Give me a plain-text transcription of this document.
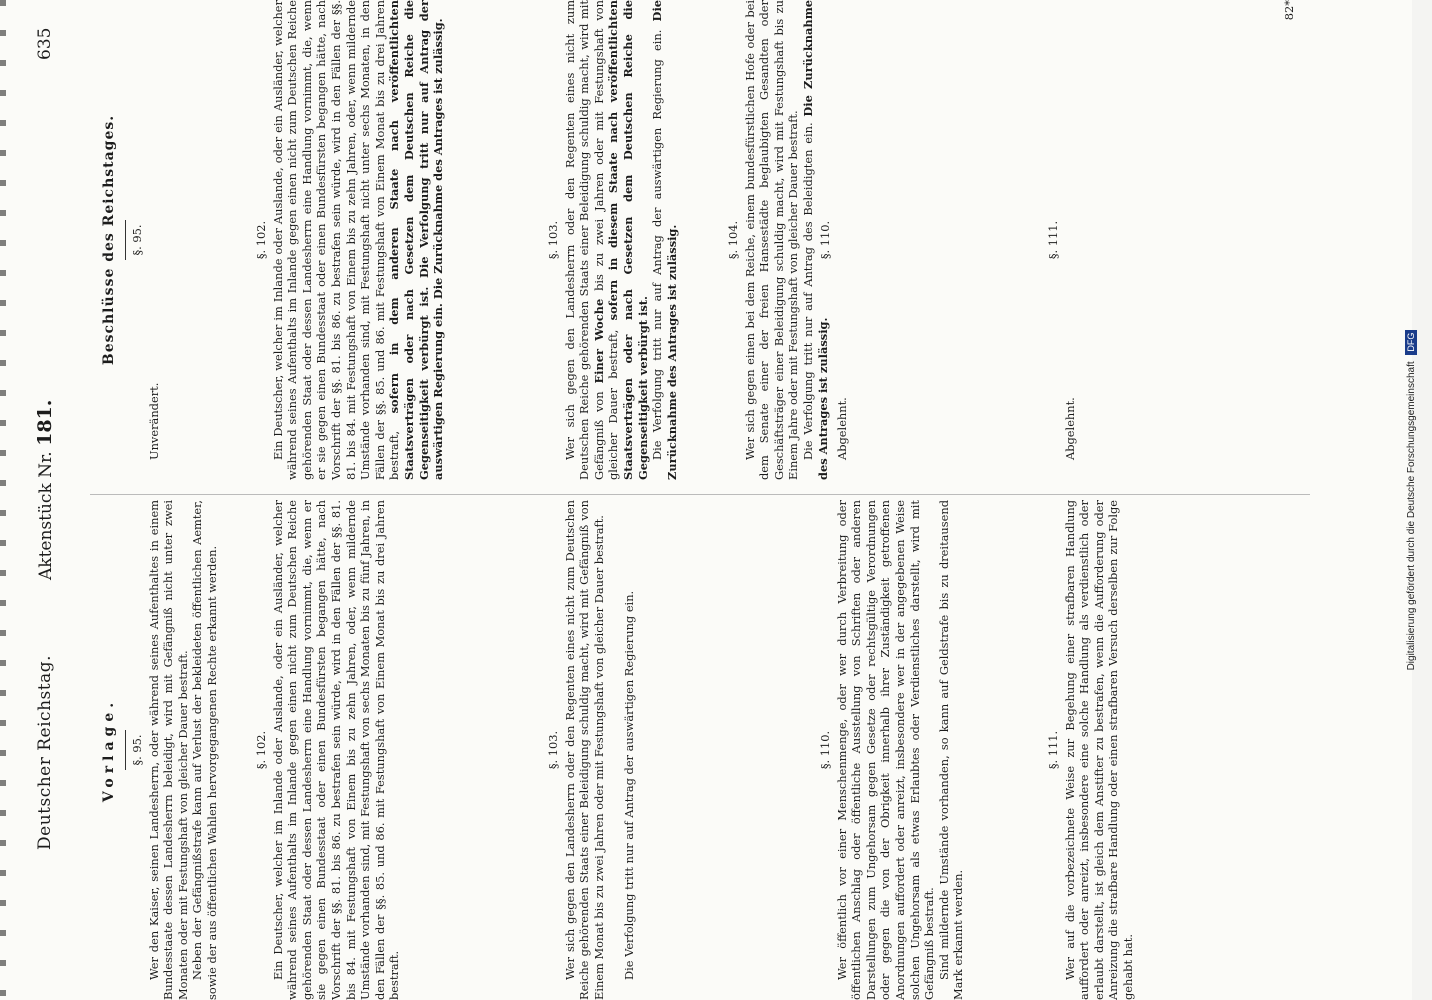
Deutscher Reichstag.
Aktenstück Nr. 181.
635
Vorlage. §. 95. Wer den Kaiser, seinen Landesherrn, oder während seines Aufenthaltes in einem Bundesstaate dessen Landesherrn beleidigt, wird mit Gefängniß nicht unter zwei Monaten oder mit Festungshaft von gleicher Dauer bestraft. Neben der Gefängnißstrafe kann auf Verlust der bekleideten öffentlichen Aemter, sowie der aus öffentlichen Wahlen hervorgegangenen Rechte erkannt werden.	§. 102. Ein Deutscher, welcher im Inlande oder Auslande, oder ein Ausländer, welcher während seines Aufenthalts im Inlande gegen einen nicht zum Deutschen Reiche gehörenden Staat oder dessen Landesherrn eine Handlung vornimmt, die, wenn er sie gegen einen Bundesstaat oder einen Bundesfürsten begangen hätte, nach Vorschrift der §§. 81. bis 86. zu bestrafen sein würde, wird in den Fällen der §§. 81. bis 84. mit Festungshaft von Einem bis zu zehn Jahren, oder, wenn mildernde Umstände vorhanden sind, mit Festungshaft von sechs Monaten bis zu fünf Jahren, in den Fällen der §§. 85. und 86. mit Festungshaft von Einem Monat bis zu drei Jahren bestraft.

§. 103. Wer sich gegen den Landesherrn oder den Regenten eines nicht zum Deutschen Reiche gehörenden Staats einer Beleidigung schuldig macht, wird mit Gefängniß von Einem Monat bis zu zwei Jahren oder mit Festungshaft von gleicher Dauer bestraft. Die Verfolgung tritt nur auf Antrag der auswärtigen Regierung ein.	§. 110. Wer öffentlich vor einer Menschenmenge, oder wer durch Verbreitung oder öffentlichen Anschlag oder öffentliche Ausstellung von Schriften oder anderen Darstellungen zum Ungehorsam gegen Gesetze oder rechtsgültige Verordnungen oder gegen die von der Obrigkeit innerhalb ihrer Zuständigkeit getroffenen Anordnungen auffordert oder anreizt, insbesondere wer in der angegebenen Weise solchen Ungehorsam als etwas Erlaubtes oder Verdienstliches darstellt, wird mit Gefängniß bestraft. Sind mildernde Umstände vorhanden, so kann auf Geldstrafe bis zu dreitausend Mark erkannt werden.

§. 111. Wer auf die vorbezeichnete Weise zur Begehung einer strafbaren Handlung auffordert oder anreizt, insbesondere eine solche Handlung als verdienstlich oder erlaubt darstellt, ist gleich dem Anstifter zu bestrafen, wenn die Aufforderung oder Anreizung die strafbare Handlung oder einen strafbaren Versuch derselben zur Folge gehabt hat.

Beschlüsse des Reichstages. §. 95.

Unverändert.

§. 102. Ein Deutscher, welcher im Inlande oder Auslande, oder ein Ausländer, welcher während seines Aufenthalts im Inlande gegen einen nicht zum Deutschen Reiche gehörenden Staat oder dessen Landesherrn eine Handlung vornimmt, die, wenn er sie gegen einen Bundesstaat oder einen Bundesfürsten begangen hätte, nach Vorschrift der §§. 81. bis 86. zu bestrafen sein würde, wird in den Fällen der §§. 81. bis 84. mit Festungshaft von Einem bis zu zehn Jahren, oder, wenn mildernde Umstände vorhanden sind, mit Festungshaft nicht unter sechs Monaten, in den Fällen der §§. 85. und 86. mit Festungshaft von Einem Monat bis zu drei Jahren bestraft, sofern in dem anderen Staate nach veröffentlichten Staatsverträgen oder nach Gesetzen dem Deutschen Reiche die Gegenseitigkeit verbürgt ist. Die Verfolgung tritt nur auf Antrag der auswärtigen Regierung ein. Die Zurücknahme des Antrages ist zulässig.	§. 103. Wer sich gegen den Landesherrn oder den Regenten eines nicht zum Deutschen Reiche gehörenden Staats einer Beleidigung schuldig macht, wird mit Gefängniß von Einer Woche bis zu zwei Jahren oder mit Festungshaft von gleicher Dauer bestraft, sofern in diesem Staate nach veröffentlichten Staatsverträgen oder nach Gesetzen dem Deutschen Reiche die Gegenseitigkeit verbürgt ist. Die Verfolgung tritt nur auf Antrag der auswärtigen Regierung ein. Die Zurücknahme des Antrages ist zulässig.	§. 104. Wer sich gegen einen bei dem Reiche, einem bundesfürstlichen Hofe oder bei dem Senate einer der freien Hansestädte beglaubigten Gesandten oder Geschäftsträger einer Beleidigung schuldig macht, wird mit Festungshaft bis zu Einem Jahre oder mit Festungshaft von gleicher Dauer bestraft. Die Verfolgung tritt nur auf Antrag des Beleidigten ein. Die Zurücknahme des Antrages ist zulässig.

§. 110.

Abgelehnt.

§. 111.

Abgelehnt.

82*
Digitalisierung gefördert durch die Deutsche Forschungsgemeinschaft DFG
